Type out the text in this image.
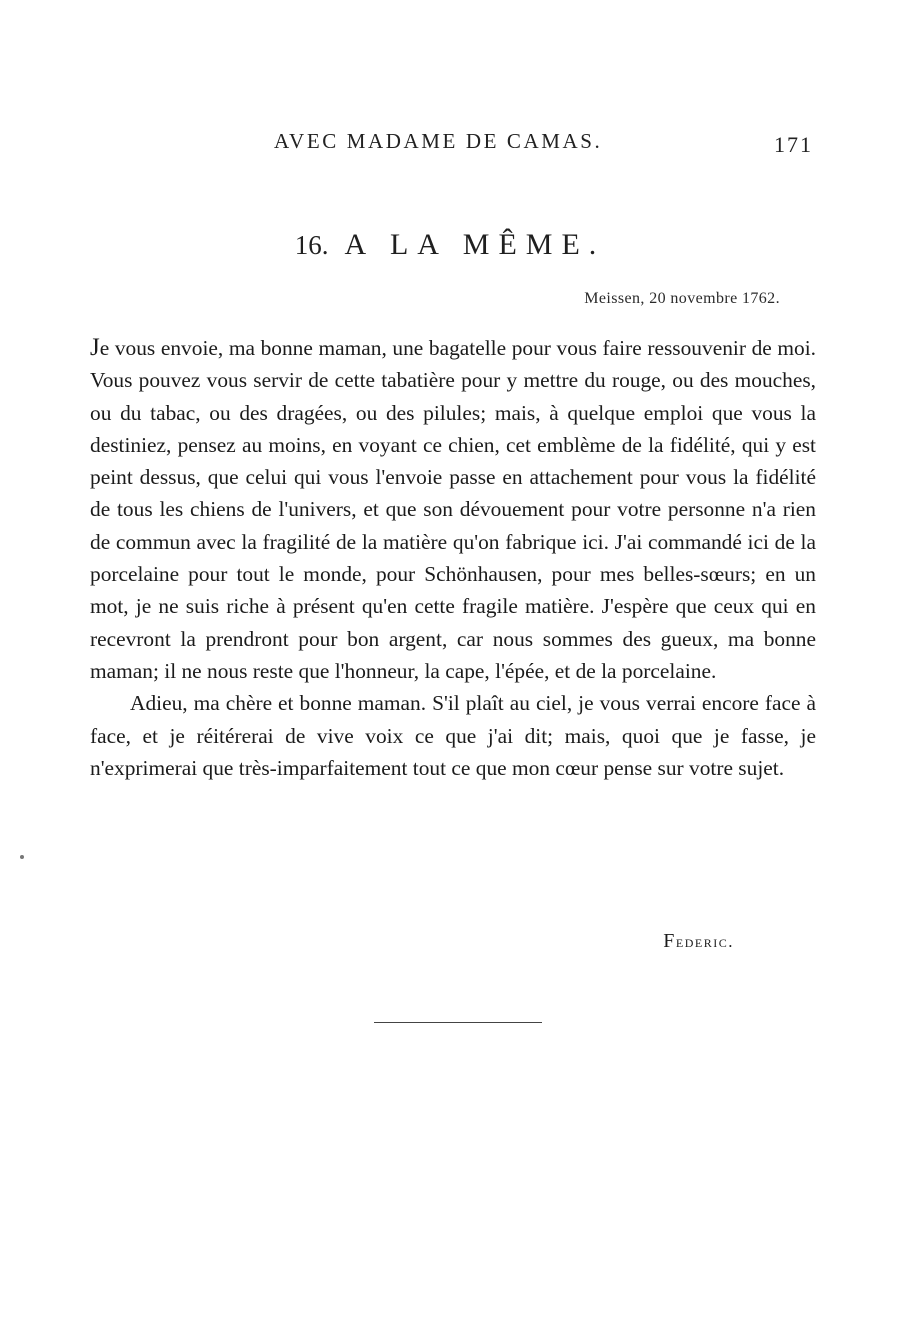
AVEC MADAME DE CAMAS.	171
16. A LA MÊME.
Meissen, 20 novembre 1762.

Je vous envoie, ma bonne maman, une bagatelle pour vous faire ressouvenir de moi. Vous pouvez vous servir de cette tabatière pour y mettre du rouge, ou des mouches, ou du tabac, ou des dragées, ou des pilules; mais, à quelque emploi que vous la destiniez, pensez au moins, en voyant ce chien, cet emblème de la fidélité, qui y est peint dessus, que celui qui vous l'envoie passe en attachement pour vous la fidélité de tous les chiens de l'univers, et que son dévouement pour votre personne n'a rien de commun avec la fragilité de la matière qu'on fabrique ici. J'ai commandé ici de la porcelaine pour tout le monde, pour Schönhausen, pour mes belles-sœurs; en un mot, je ne suis riche à présent qu'en cette fragile matière. J'espère que ceux qui en recevront la prendront pour bon argent, car nous sommes des gueux, ma bonne maman; il ne nous reste que l'honneur, la cape, l'épée, et de la porcelaine.

Adieu, ma chère et bonne maman. S'il plaît au ciel, je vous verrai encore face à face, et je réitérerai de vive voix ce que j'ai dit; mais, quoi que je fasse, je n'exprimerai que très-imparfaitement tout ce que mon cœur pense sur votre sujet.

Federic.
